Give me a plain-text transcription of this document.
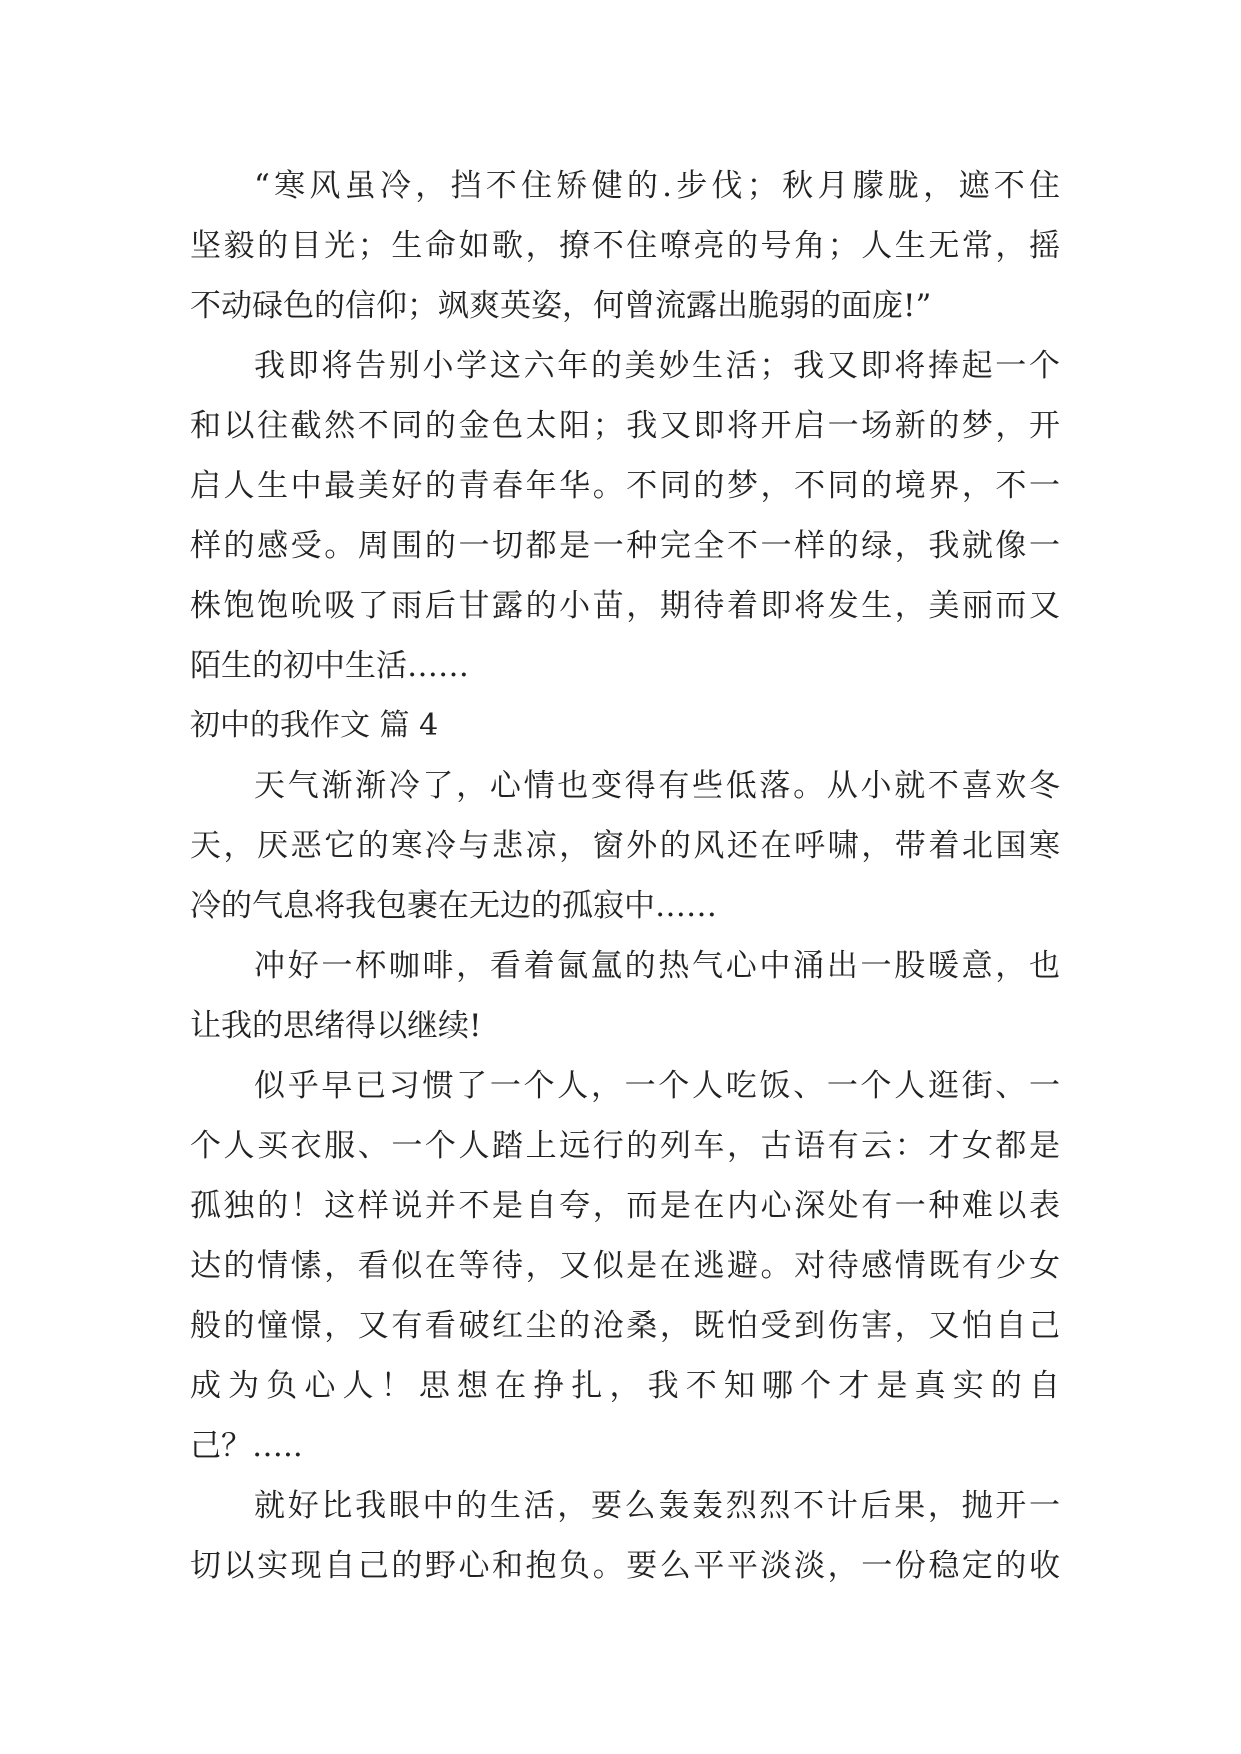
“寒风虽冷，挡不住矫健的.步伐；秋月朦胧，遮不住
坚毅的目光；生命如歌，撩不住嘹亮的号角；人生无常，摇
不动碌色的信仰；飒爽英姿，何曾流露出脆弱的面庞!”
我即将告别小学这六年的美妙生活；我又即将捧起一个
和以往截然不同的金色太阳；我又即将开启一场新的梦，开
启人生中最美好的青春年华。不同的梦，不同的境界，不一
样的感受。周围的一切都是一种完全不一样的绿，我就像一
株饱饱吮吸了雨后甘露的小苗，期待着即将发生，美丽而又
陌生的初中生活……
初中的我作文 篇 4
天气渐渐冷了，心情也变得有些低落。从小就不喜欢冬
天，厌恶它的寒冷与悲凉，窗外的风还在呼啸，带着北国寒
冷的气息将我包裹在无边的孤寂中……
冲好一杯咖啡，看着氤氲的热气心中涌出一股暖意，也
让我的思绪得以继续!
似乎早已习惯了一个人，一个人吃饭、一个人逛街、一
个人买衣服、一个人踏上远行的列车，古语有云：才女都是
孤独的！这样说并不是自夸，而是在内心深处有一种难以表
达的情愫，看似在等待，又似是在逃避。对待感情既有少女
般的憧憬，又有看破红尘的沧桑，既怕受到伤害，又怕自己
成为负心人！思想在挣扎，我不知哪个才是真实的自
己？…..
就好比我眼中的生活，要么轰轰烈烈不计后果，抛开一
切以实现自己的野心和抱负。要么平平淡淡，一份稳定的收
